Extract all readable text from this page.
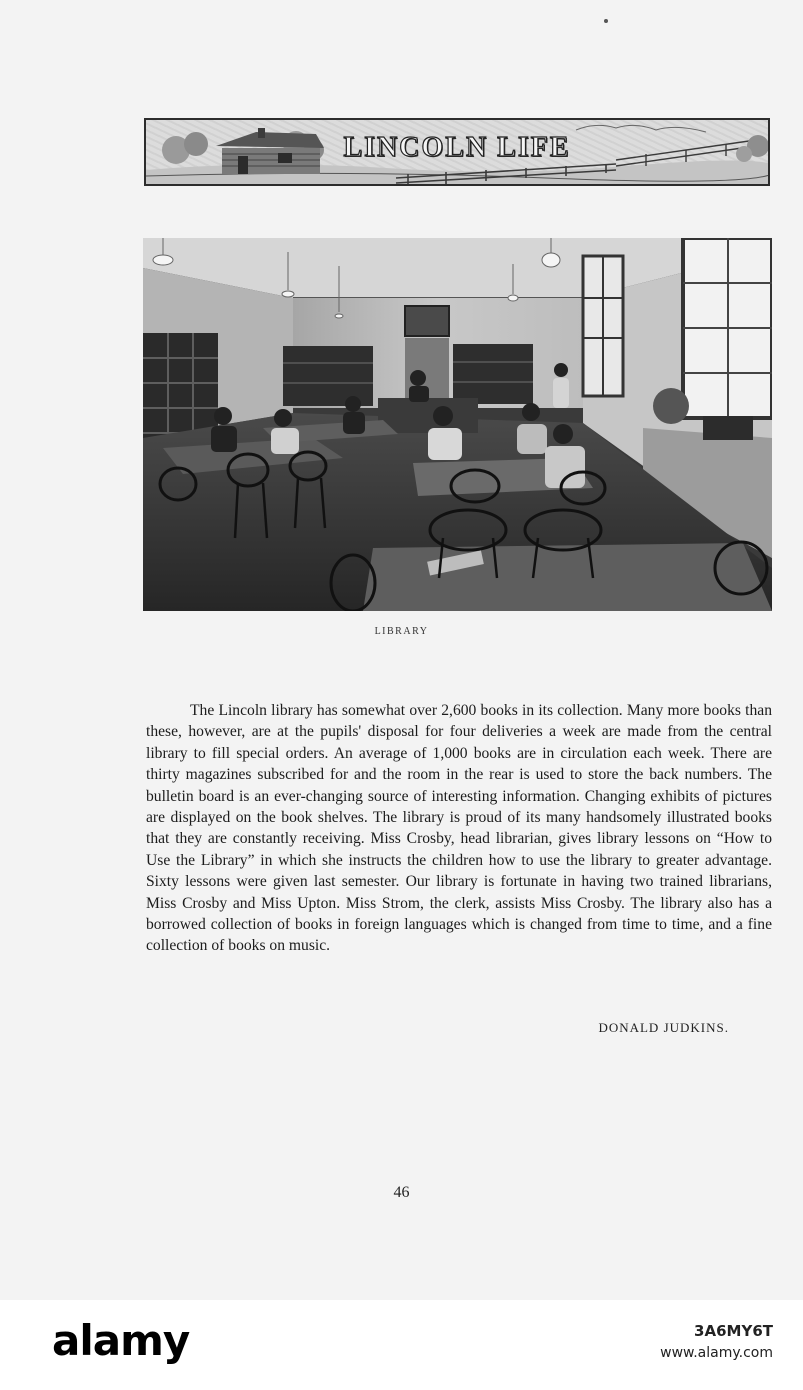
LINCOLN LIFE
LIBRARY

The Lincoln library has somewhat over 2,600 books in its collection. Many more books than these, however, are at the pupils' disposal for four deliveries a week are made from the central library to fill special orders. An average of 1,000 books are in circulation each week. There are thirty magazines subscribed for and the room in the rear is used to store the back numbers. The bulletin board is an ever-changing source of interesting information. Changing exhibits of pictures are displayed on the book shelves. The library is proud of its many handsomely illustrated books that they are constantly receiving. Miss Crosby, head librarian, gives library lessons on “How to Use the Library” in which she instructs the children how to use the library to greater advantage. Sixty lessons were given last semester. Our library is fortunate in having two trained librarians, Miss Crosby and Miss Upton. Miss Strom, the clerk, assists Miss Crosby. The library also has a borrowed collection of books in foreign languages which is changed from time to time, and a fine collection of books on music.

DONALD JUDKINS.
46
alamy	3A6MY6T
www.alamy.com
